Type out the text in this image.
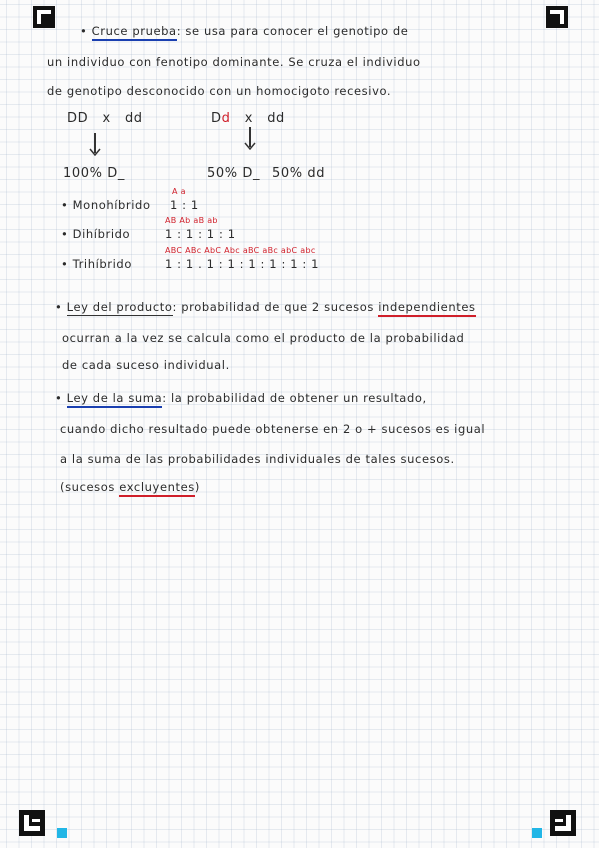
• Cruce prueba: se usa para conocer el genotipo de
un individuo con fenotipo dominante. Se cruza el individuo
de genotipo desconocido con un homocigoto recesivo.
DD x dd
100% D_
Dd x dd
50% D_ 50% dd
A a
• Monohíbrido 1 : 1
AB Ab aB ab
• Dihíbrido	1 : 1 : 1 : 1
ABC ABc AbC Abc aBC aBc abC abc
• Trihíbrido	1 : 1 . 1 : 1 : 1 : 1 : 1 : 1
• Ley del producto: probabilidad de que 2 sucesos independientes
ocurran a la vez se calcula como el producto de la probabilidad
de cada suceso individual.
• Ley de la suma: la probabilidad de obtener un resultado,
cuando dicho resultado puede obtenerse en 2 o + sucesos es igual
a la suma de las probabilidades individuales de tales sucesos.
(sucesos excluyentes)
